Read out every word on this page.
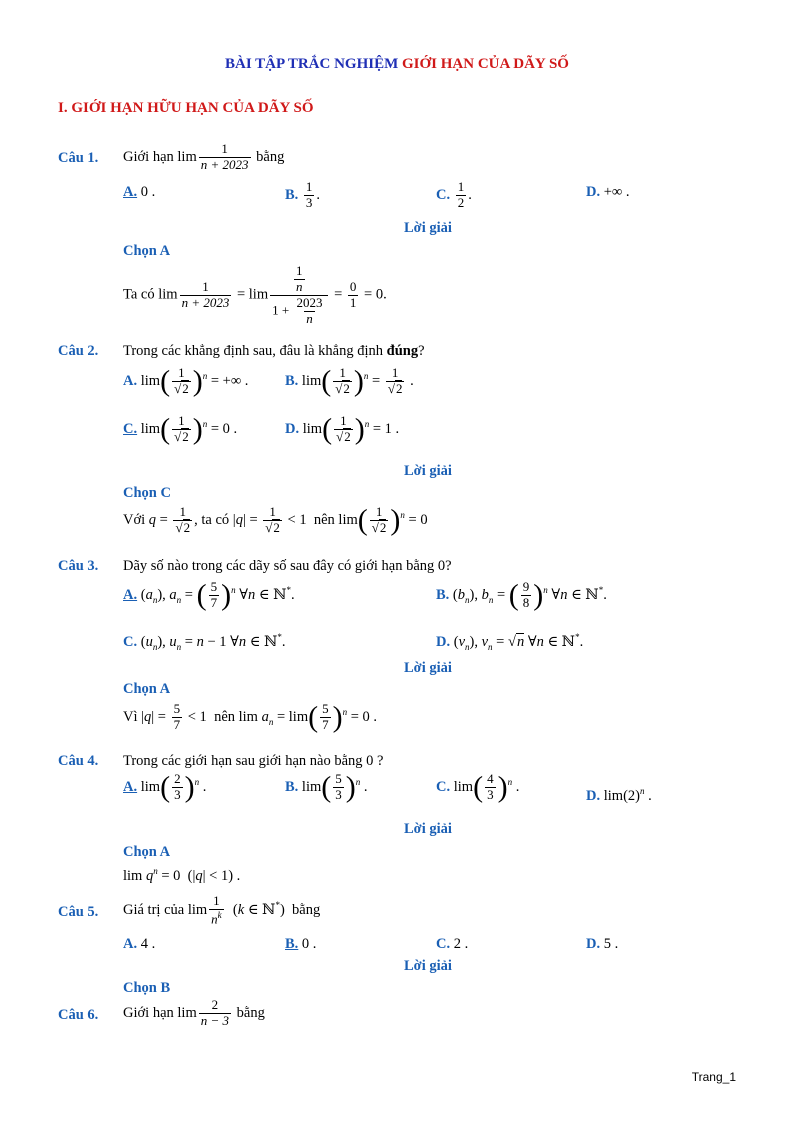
BÀI TẬP TRẮC NGHIỆM GIỚI HẠN CỦA DÃY SỐ
I. GIỚI HẠN HỮU HẠN CỦA DÃY SỐ
Câu 1. Giới hạn $\lim \frac{1}{n + 2023}$ bằng
A. 0 .	B. $\frac{1}{3}$ .	C. $\frac{1}{2}$ .	D. +∞ .
Lời giải
Chọn A
Ta có $\lim \frac{1}{n + 2023} = \lim \frac{\frac{1}{n}}{1 + \frac{2023}{n}} = \frac{0}{1} = 0$.
Câu 2. Trong các khẳng định sau, đâu là khẳng định đúng?
A. $\lim( \frac{1}{√2} )^n$ = +∞ .	B. $\lim( \frac{1}{√2} )^n = \frac{1}{√2}$ .
C. $\lim( \frac{1}{√2} )^n = 0$ .	D. $\lim( \frac{1}{√2} )^n = 1$ .
Lời giải
Chọn C
Với $q = \frac{1}{√2}$ , ta có $|q| = \frac{1}{√2} < 1$  nên $\lim( \frac{1}{√2} )^n = 0$
Câu 3. Dãy số nào trong các dãy số sau đây có giới hạn bằng 0?
A. $(a_n)$, $a_n$ = ( $\frac{5}{7} )^n$ ∀n ∈ ℕ*.	B. $(b_n)$, $b_n$ = ( $\frac{9}{8} )^n$ ∀n ∈ ℕ*.
C. $(u_n)$, $u_n = n - 1$ ∀n ∈ ℕ*.	D. $(v_n)$, $v_n = √n$ ∀n ∈ ℕ*.
Lời giải
Chọn A
Vì $|q| = \frac{5}{7} < 1$  nên $\lim a_n = \lim( \frac{5}{7} )^n = 0$ .
Câu 4. Trong các giới hạn sau giới hạn nào bằng 0 ?
A. $\lim( \frac{2}{3} )^n$ .	B. $\lim( \frac{5}{3} )^n$ .	C. $\lim( \frac{4}{3} )^n$ .
D. $\lim(2)^n$ .
Lời giải
Chọn A
$\lim q^n = 0$  (|q| < 1) .
Câu 5. Giá trị của $\lim \frac{1}{n^k} (k$ ∈ ℕ*)  bằng
A. 4 .	B. 0 .	C. 2 .	D. 5 .
Lời giải
Chọn B
Câu 6. Giới hạn $\lim \frac{2}{n - 3}$ bằng
Trang_1
